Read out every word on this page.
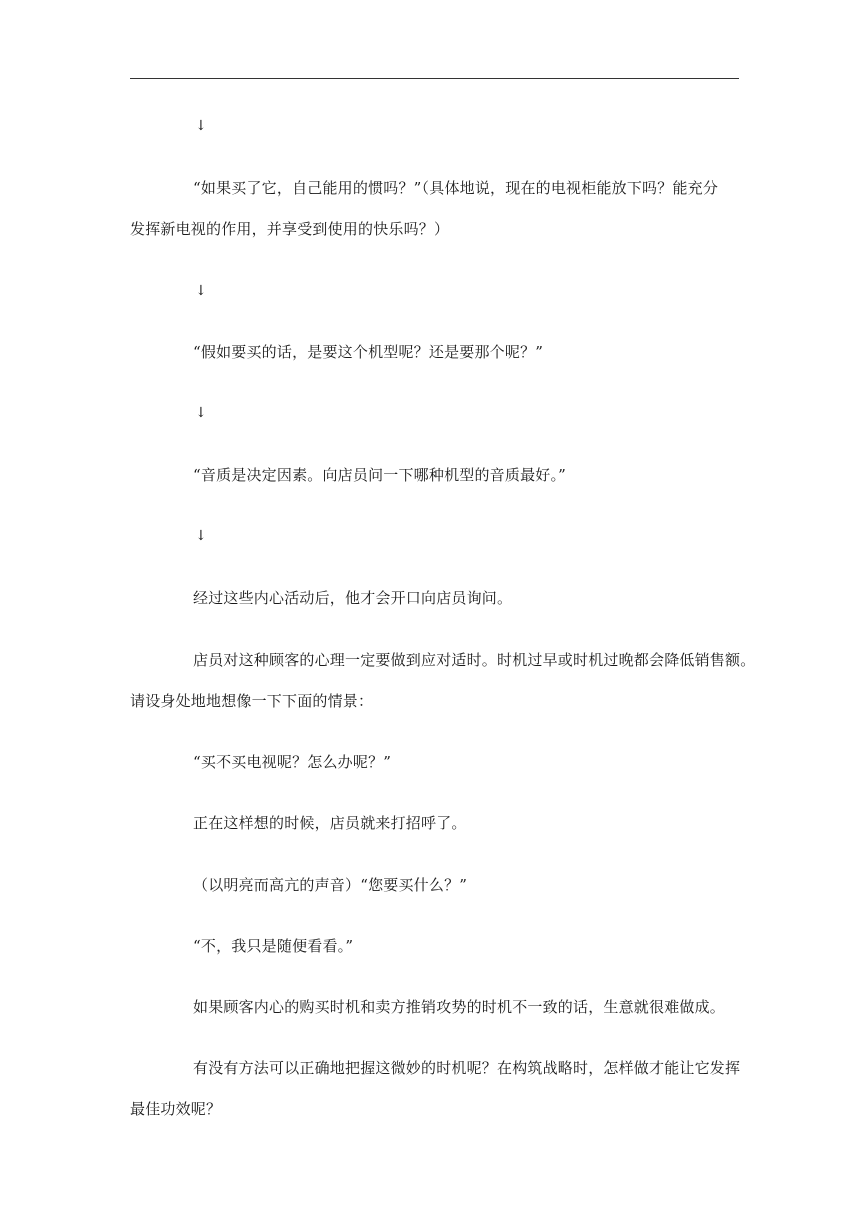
↓
“如果买了它，自己能用的惯吗？”（具体地说，现在的电视柜能放下吗？能充分
发挥新电视的作用，并享受到使用的快乐吗？）
↓
“假如要买的话，是要这个机型呢？还是要那个呢？”
↓
“音质是决定因素。向店员问一下哪种机型的音质最好。”
↓
经过这些内心活动后，他才会开口向店员询问。
店员对这种顾客的心理一定要做到应对适时。时机过早或时机过晚都会降低销售额。
请设身处地地想像一下下面的情景：
“买不买电视呢？怎么办呢？”
正在这样想的时候，店员就来打招呼了。
（以明亮而高亢的声音）“您要买什么？”
“不，我只是随便看看。”
如果顾客内心的购买时机和卖方推销攻势的时机不一致的话，生意就很难做成。
有没有方法可以正确地把握这微妙的时机呢？在构筑战略时，怎样做才能让它发挥
最佳功效呢？
